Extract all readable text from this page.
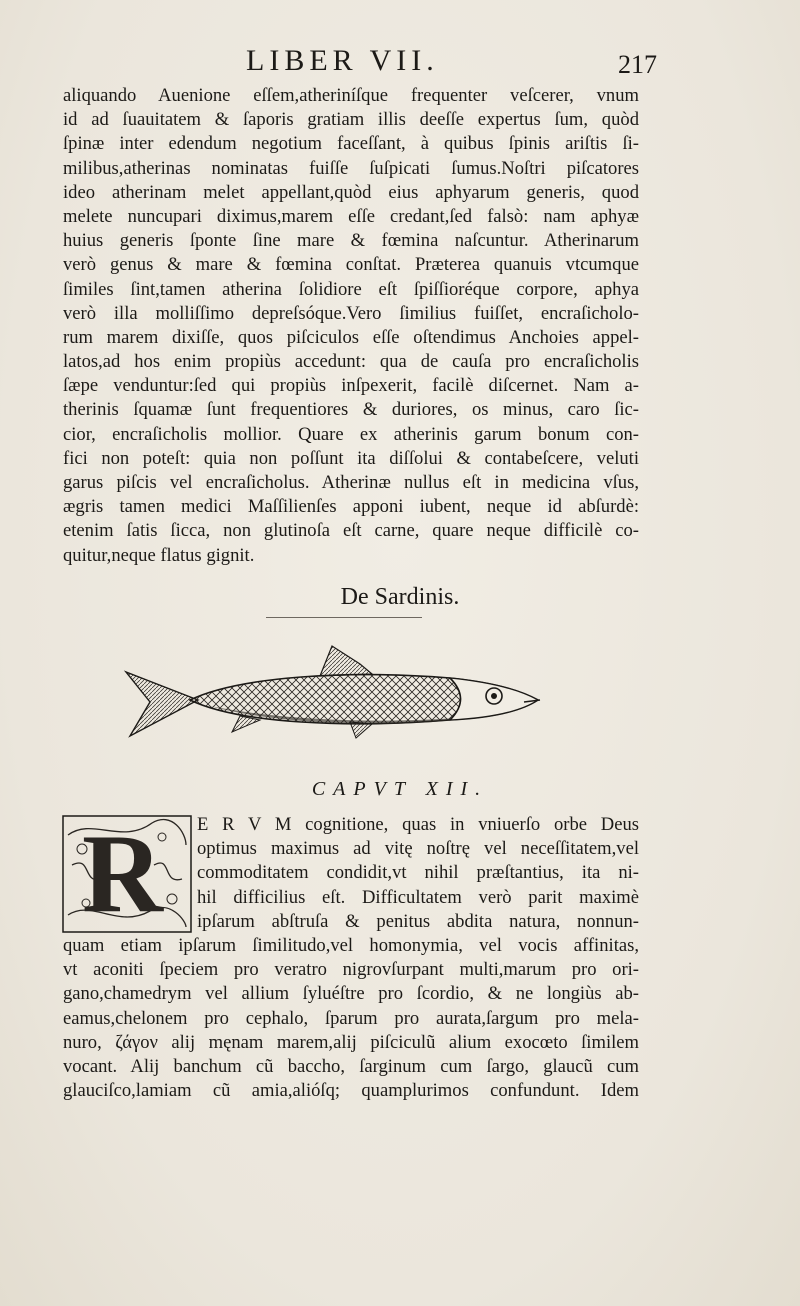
LIBER VII.	217
aliquando Auenione eſſem,atheriníſque frequenter veſcerer, vnum
id ad ſuauitatem & ſaporis gratiam illis deeſſe expertus ſum, quòd
ſpinæ inter edendum negotium faceſſant, à quibus ſpinis ariſtis ſi-
milibus,atherinas nominatas fuiſſe ſuſpicati ſumus.Noſtri piſcatores
ideo atherinam melet appellant,quòd eius aphyarum generis, quod
melete nuncupari diximus,marem eſſe credant,ſed falsò: nam aphyæ
huius generis ſponte ſine mare & fœmina naſcuntur. Atherinarum
verò genus & mare & fœmina conſtat. Præterea quanuis vtcumque
ſimiles ſint,tamen atherina ſolidiore eſt ſpiſſioréque corpore, aphya
verò illa molliſſimo depreſsóque.Vero ſimilius fuiſſet, encraſicholo-
rum marem dixiſſe, quos piſciculos eſſe oſtendimus Anchoies appel-
latos,ad hos enim propiùs accedunt: qua de cauſa pro encraſicholis
ſæpe venduntur:ſed qui propiùs inſpexerit, facilè diſcernet. Nam a-
therinis ſquamæ ſunt frequentiores & duriores, os minus, caro ſic-
cior, encraſicholis mollior. Quare ex atherinis garum bonum con-
fici non poteſt: quia non poſſunt ita diſſolui & contabeſcere, veluti
garus piſcis vel encraſicholus. Atherinæ nullus eſt in medicina vſus,
ægris tamen medici Maſſilienſes apponi iubent, neque id abſurdè:
etenim ſatis ſicca, non glutinoſa eſt carne, quare neque difficilè co-
quitur,neque flatus gignit.
De Sardinis.
CAPVT XII.
R	E R V M cognitione, quas in vniuerſo orbe Deus
optimus maximus ad vitę noſtrę vel neceſſitatem,vel
commoditatem condidit,vt nihil præſtantius, ita ni-
hil difficilius eſt. Difficultatem verò parit maximè
ipſarum abſtruſa & penitus abdita natura, nonnun-
quam etiam ipſarum ſimilitudo,vel homonymia, vel vocis affinitas,
vt aconiti ſpeciem pro veratro nigrovſurpant multi,marum pro ori-
gano,chamedrym vel allium ſyluéſtre pro ſcordio, & ne longiùs ab-
eamus,chelonem pro cephalo, ſparum pro aurata,ſargum pro mela-
nuro, ζάγον alij męnam marem,alij piſciculũ alium exocœto ſimilem
vocant. Alij banchum cũ baccho, ſarginum cum ſargo, glaucũ cum
glauciſco,lamiam cũ amia,alióſq; quamplurimos confundunt. Idem
